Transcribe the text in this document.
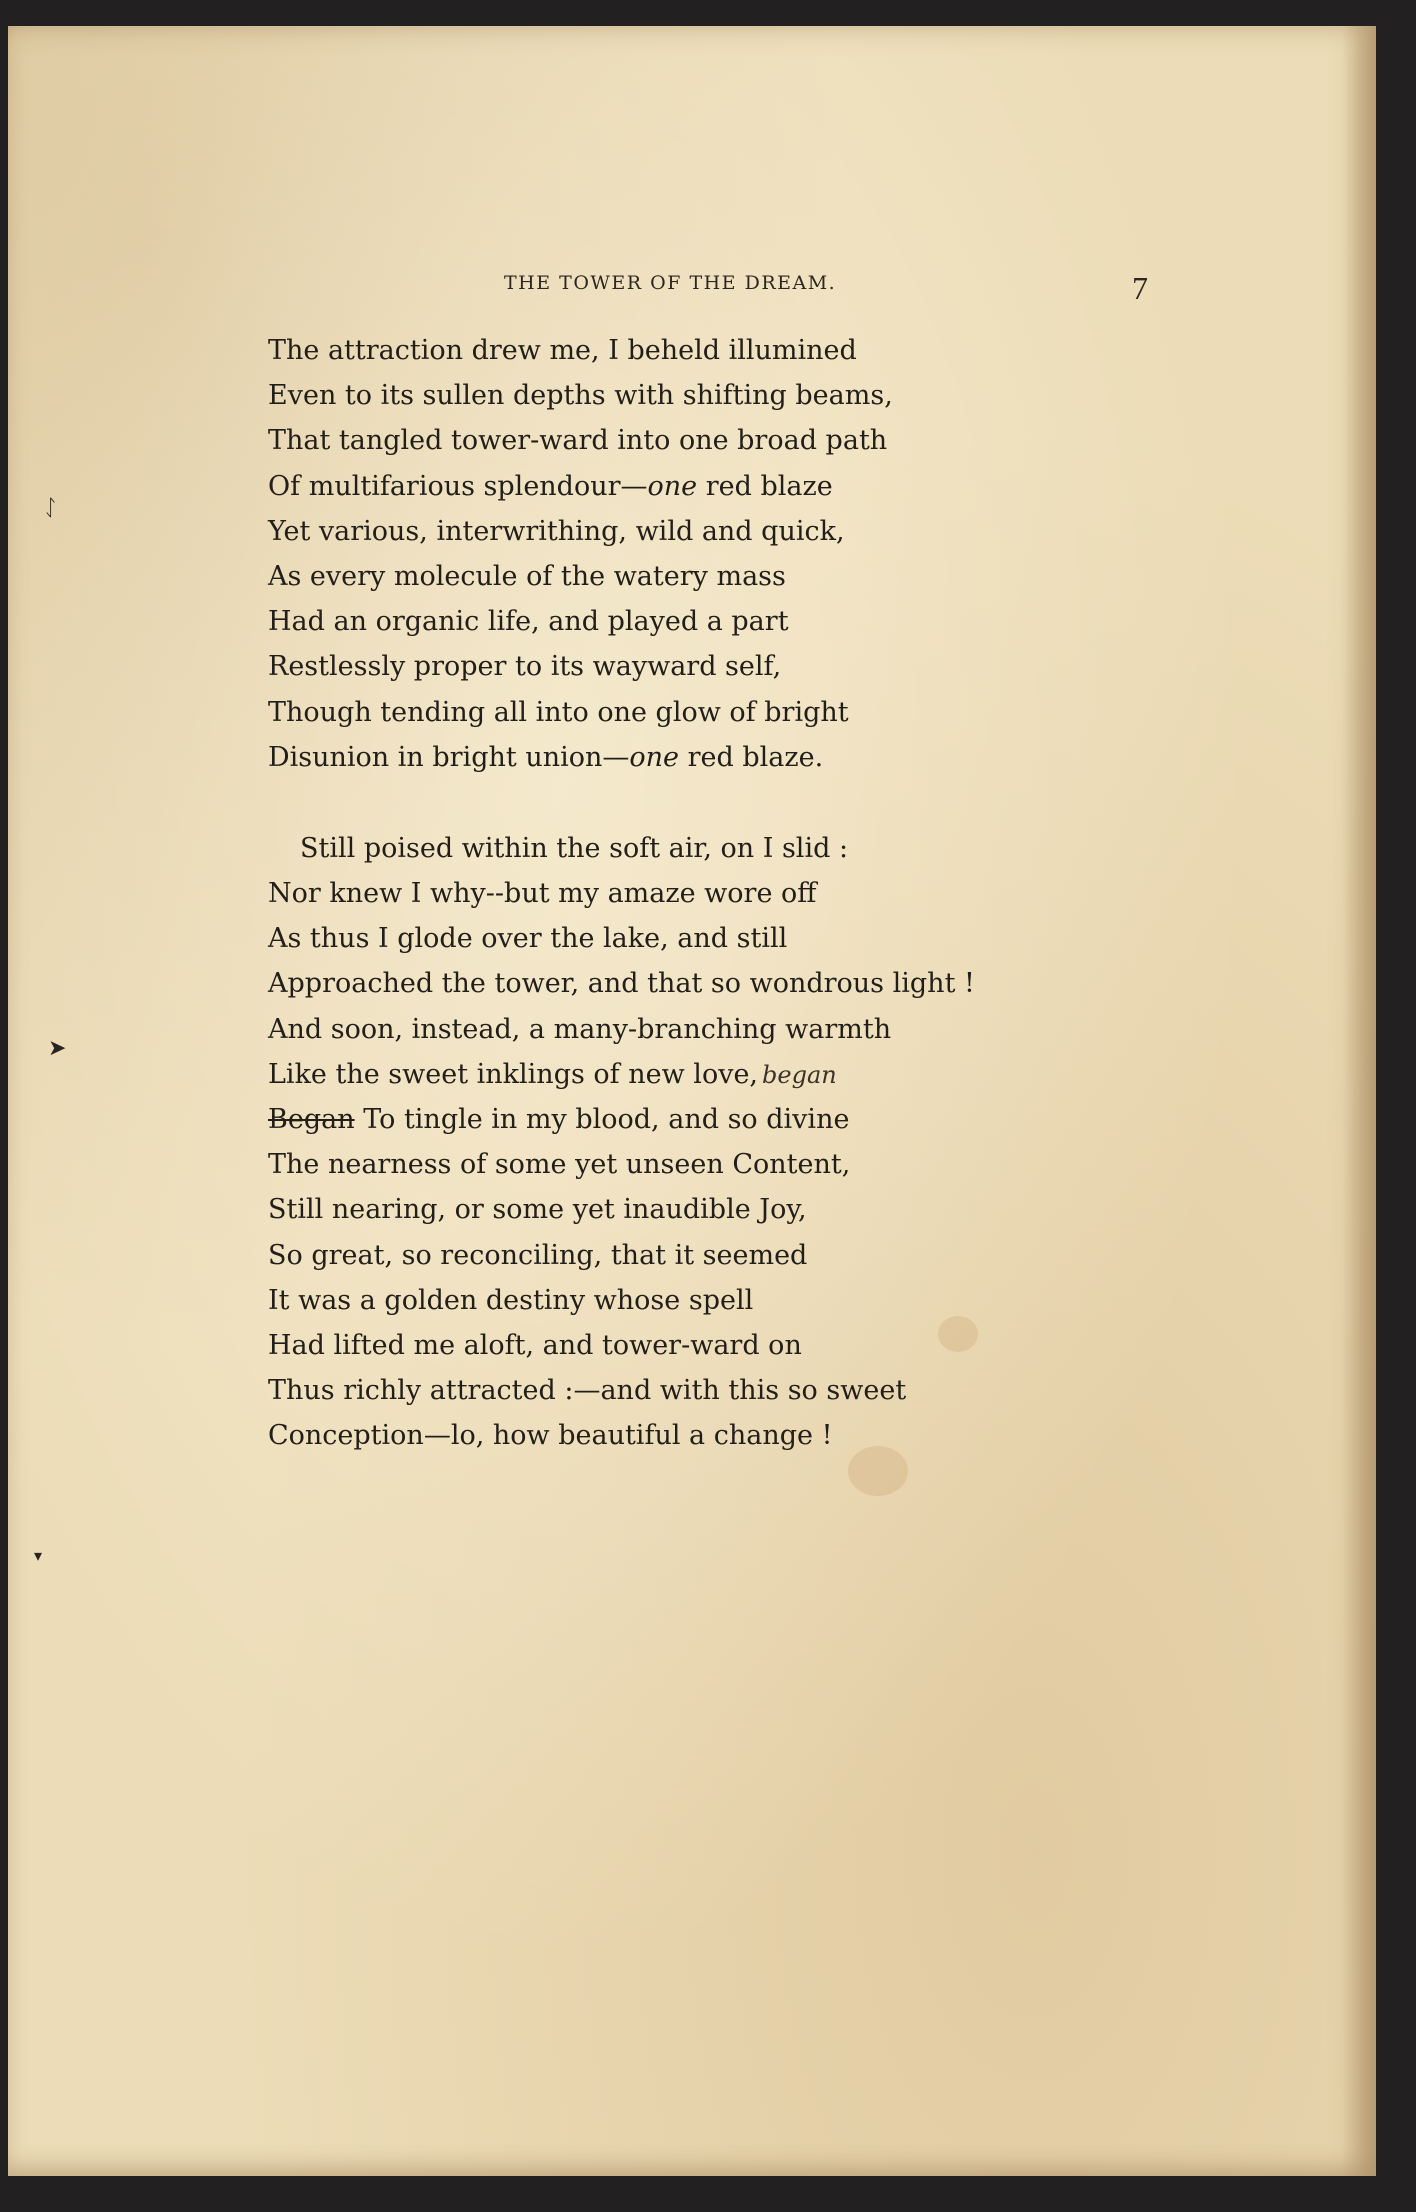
ᛇ
➤
▾
THE TOWER OF THE DREAM.	7
The attraction drew me, I beheld illumined
Even to its sullen depths with shifting beams,
That tangled tower-ward into one broad path
Of multifarious splendour—one red blaze
Yet various, interwrithing, wild and quick,
As every molecule of the watery mass
Had an organic life, and played a part
Restlessly proper to its wayward self,
Though tending all into one glow of bright
Disunion in bright union—one red blaze.
Still poised within the soft air, on I slid :
Nor knew I why--but my amaze wore off
As thus I glode over the lake, and still
Approached the tower, and that so wondrous light !
And soon, instead, a many-branching warmth
Like the sweet inklings of new love, began
Began To tingle in my blood, and so divine
The nearness of some yet unseen Content,
Still nearing, or some yet inaudible Joy,
So great, so reconciling, that it seemed
It was a golden destiny whose spell
Had lifted me aloft, and tower-ward on
Thus richly attracted :—and with this so sweet
Conception—lo, how beautiful a change !
